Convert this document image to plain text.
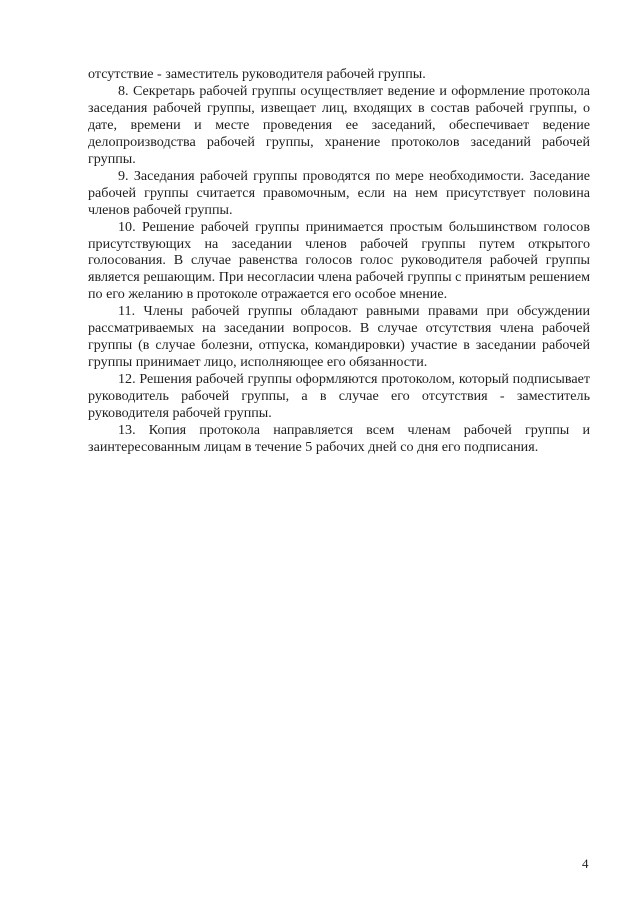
отсутствие - заместитель руководителя рабочей группы.

8. Секретарь рабочей группы осуществляет ведение и оформление протокола заседания рабочей группы, извещает лиц, входящих в состав рабочей группы, о дате, времени и месте проведения ее заседаний, обеспечивает ведение делопроизводства рабочей группы, хранение протоколов заседаний рабочей группы.

9. Заседания рабочей группы проводятся по мере необходимости. Заседание рабочей группы считается правомочным, если на нем присутствует половина членов рабочей группы.

10. Решение рабочей группы принимается простым большинством голосов присутствующих на заседании членов рабочей группы путем открытого голосования. В случае равенства голосов голос руководителя рабочей группы является решающим. При несогласии члена рабочей группы с принятым решением по его желанию в протоколе отражается его особое мнение.

11. Члены рабочей группы обладают равными правами при обсуждении рассматриваемых на заседании вопросов. В случае отсутствия члена рабочей группы (в случае болезни, отпуска, командировки) участие в заседании рабочей группы принимает лицо, исполняющее его обязанности.

12. Решения рабочей группы оформляются протоколом, который подписывает руководитель рабочей группы, а в случае его отсутствия - заместитель руководителя рабочей группы.

13. Копия протокола направляется всем членам рабочей группы и заинтересованным лицам в течение 5 рабочих дней со дня его подписания.

4
